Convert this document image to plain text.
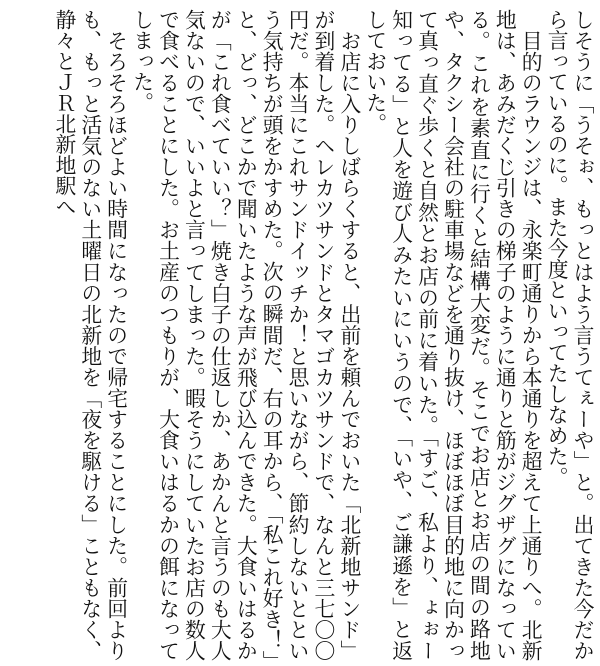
しそうに「うそぉ、もっとはよう言うてぇーや」と。出てきた今だから言っているのに。また今度といってたしなめた。

　目的のラウンジは、永楽町通りから本通りを超えて上通りへ。北新地は、あみだくじ引きの梯子のように通りと筋がジグザグになっている。これを素直に行くと結構大変だ。そこでお店とお店の間の路地や、タクシー会社の駐車場などを通り抜け、ほぼほぼ目的地に向かって真っ直ぐ歩くと自然とお店の前に着いた。「すご、私より、ょぉー知ってる」と人を遊び人みたいにいうので、「いや、ご謙遜を」と返しておいた。

　お店に入りしばらくすると、出前を頼んでおいた「北新地サンド」が到着した。ヘレカツサンドとタマゴカツサンドで、なんと三七〇〇円だ。本当にこれサンドイッチか！と思いながら、節約しないとという気持ちが頭をかすめた。次の瞬間だ、右の耳から、「私これ好き！」と、どっ、どこかで聞いたような声が飛び込んできた。大食いはるかが「これ食べていい？」焼き白子の仕返しか、あかんと言うのも大人気ないので、いいよと言ってしまった。暇そうにしていたお店の数人で食べることにした。お土産のつもりが、大食いはるかの餌になってしまった。

　そろそろほどよい時間になったので帰宅することにした。前回よりも、もっと活気のない土曜日の北新地を「夜を駆ける」こともなく、静々とＪＲ北新地駅へ
